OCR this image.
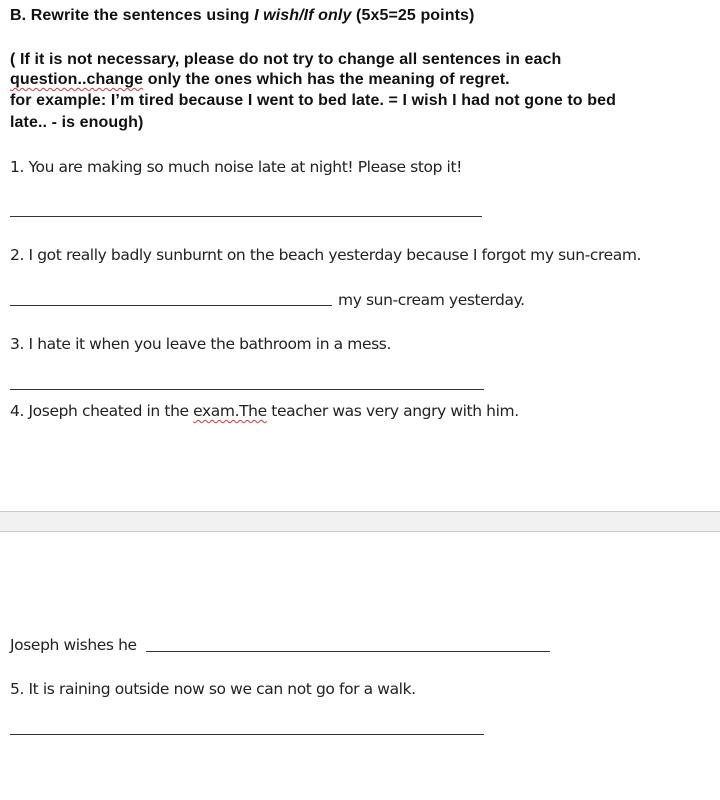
B. Rewrite the sentences using I wish/If only (5x5=25 points)
( If it is not necessary, please do not try to change all sentences in each
question..change only the ones which has the meaning of regret.
for example: I’m tired because I went to bed late. = I wish I had not gone to bed
late.. - is enough)
1. You are making so much noise late at night! Please stop it!
2. I got really badly sunburnt on the beach yesterday because I forgot my sun-cream.
my sun-cream yesterday.
3. I hate it when you leave the bathroom in a mess.
4. Joseph cheated in the exam.The teacher was very angry with him.
Joseph wishes he
5. It is raining outside now so we can not go for a walk.
